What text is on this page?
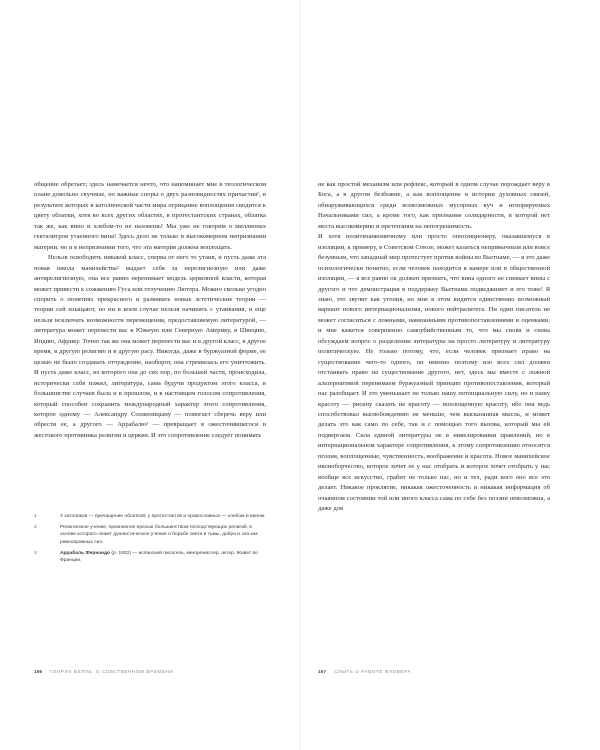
общение обретает; здесь намечается нечто, что напоминает мне в теологическом плане довольно скучные, но важные споры о двух разновидностях причастия¹, в результате которых в католической части мира отрицание воплощения сводится к цвету облатки, хотя во всех других областях, в протестантских странах, облатка так же, как вино и хлебом-то не назовешь! Мы уже не говорим о миллионах гекталитров утаенного вина! Здесь дело не только в высокомерном непризнании материи, но и в непризнании того, что эта материя должна воплощать.

Нельзя освободить никакой класс, сперва от него то утаив, и пусть даже эта новая школа манихейства² выдает себя за нерелигиозную или даже антирелигиозную, она все равно перенимает модель церковной власти, которая может привести к сожжению Гуса или отлучению Лютера. Можно сколько угодно спорить о понятиях прекрасного и развивать новые эстетические теории — теории сей изыщают, но ни в коем случае нельзя начинать с утаивания, и еще нельзя исключать возможности перемещения, предоставляемую литературой, — литература может перенести вас в Южную или Северную Америку, в Швецию, Индию, Африку. Точно так же она может перенести вас и в другой класс, в другое время, в другую религию и в другую расу. Никогда, даже в буржуазной форме, ее целью не было создавать отчуждение, наоборот, она стремилась его уничтожить. И пусть даже класс, из которого она до сих пор, по большей части, происходила, исторически себя изжил, литература, сама будучи продуктом этого класса, в большинстве случаев была и в прошлом, и в настоящем голосом сопротивления, который способен сохранить международный характер этого сопротивления, которое одному — Александру Солженицыну — помогает сберечь веру или обрести ее, а другого — Аррабалю³ — превращает в ожесточившегося и жестокого противника религии и церкви. И это сопротивление следует понимать

1	У католиков — причащение облаткой, у протестантов и православных — хлебом и вином.
2	Религиозное учение, признанное ересью большинством господствующих религий, в основе которого лежит дуалистическое учение о борьбе света и тьмы, добра и зла как равноправных сил.
3	Аррабаль Фернандо (р. 1932) — испанский писатель, кинорежиссер, актер. Живет во Франции.
166 ГЕНРИХ БЕЛЛЬ. О СОБСТВЕННОМ ВРЕМЕНИ

не как простой механизм или рефлекс, который в одном случае порождает веру в Бога, а в другом безбожие, а как воплощение в истории духовных связей, обнаруживающихся среди всевозможных мусорных куч и игнорируемых Начальниками сил, а кроме того, как признание солидарности, в которой нет места высокомерию и претензиям на непогрешимость.

И хотя политизанкомичному или просто оппозиционеру, оказавшемуся в изоляции, к примеру, в Советском Союзе, может казаться непривычным или вовсе безумным, что западный мир протестует против войны во Вьетнаме, — я это даже психологически понятно, если человек находится в камере или в общественной изоляции, — я все равно ок должен признать, что вина одного не снимает вины с другого и что демонстрация в поддержку Вьетнама подведжимет и его тоже! Я знаю, это звучит как утопия, но мне в этом видится единственно возможный вариант нового интернационализма, нового нейтралитета. Ни один писатель не может согласиться с ложными, навязанными противопоставлениями и оценками, и мне кажется совершенно самоубийственным то, что мы снова и снова обсуждаем вопрос о разделении литературы на просто литературу и литературу политическую. Не только потому, что, если человек признает право на существование чего-то одного, он именно поэтому изо всех сил должен отстаивать право на существование другого, нет, здесь мы вместе с ложной альтернативой перенимаем буржуазный принцип противопоставления, который нас разобщает. И это уменьшает не только нашу потенциальную силу, но и нашу красоту — рискну сказать не красоту — воплощенную красоту, ибо она ведь способствовал высвобождению не меньше, чем высказанная мысль, и может делать это как само по себе, так и с помощью того вызова, который мы ей подвергаем. Сила единой литературы не в нивелировании правлений, но в интернациональном характере сопротивления, к этому сопротивлению относятся поэзия, воплощенные, чувственность, воображение и красота. Новое манихейское иконоборчество, которое хочет ее у нас отобрать и которое хочет отобрать у нас вообще все искусство, грабит не только нас, но и тех, ради кого оно все это делает. Никакое проклятие, никакая ожесточенность и никакая информация об очаянном состоянии той или иного класса сама по себе без поэзии невозможна, а даже для

167 СЛЫТЬ О РАБОТЕ ФЛОБЕРА
